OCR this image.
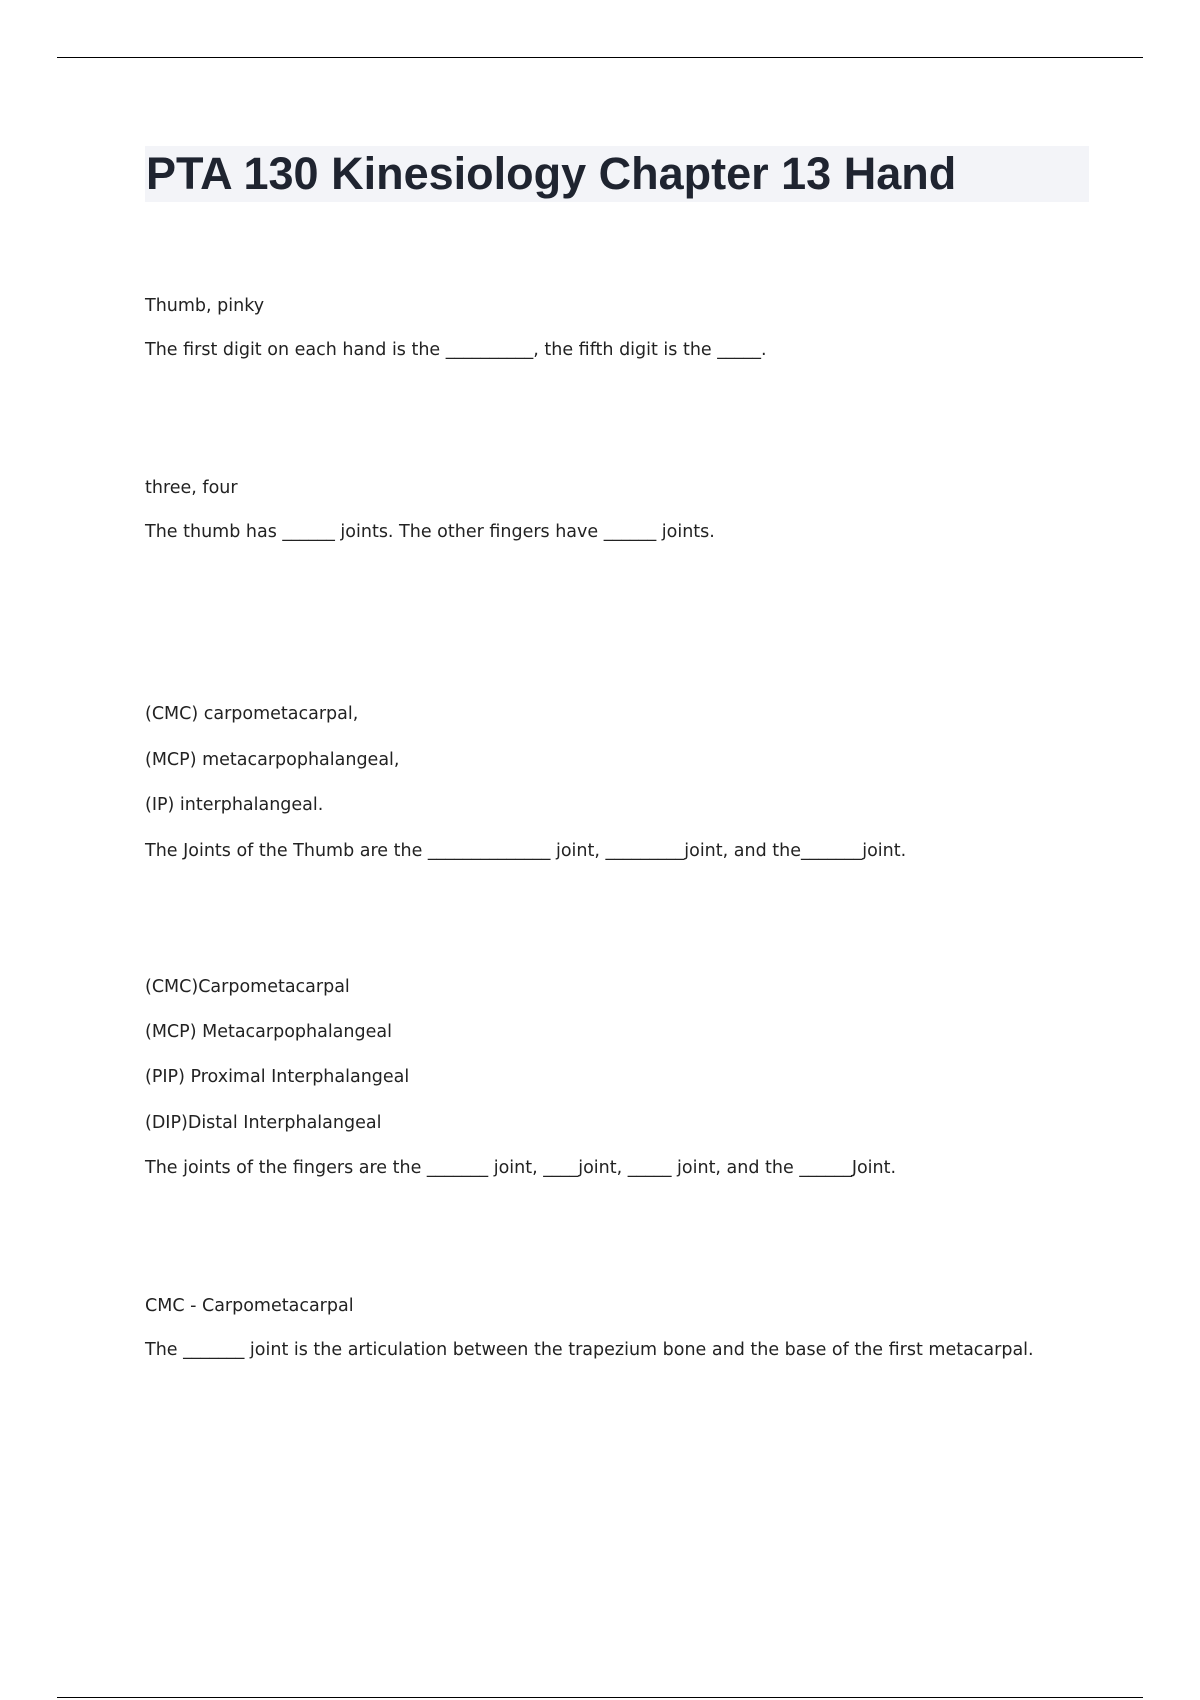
PTA 130 Kinesiology Chapter 13 Hand

Thumb, pinky

The first digit on each hand is the __________, the fifth digit is the _____.

three, four

The thumb has ______ joints. The other fingers have ______ joints.

(CMC) carpometacarpal,

(MCP) metacarpophalangeal,

(IP) interphalangeal.

The Joints of the Thumb are the ______________ joint, _________joint, and the_______joint.

(CMC)Carpometacarpal

(MCP) Metacarpophalangeal

(PIP) Proximal Interphalangeal

(DIP)Distal Interphalangeal

The joints of the fingers are the _______ joint, ____joint, _____ joint, and the ______Joint.

CMC - Carpometacarpal

The _______ joint is the articulation between the trapezium bone and the base of the first metacarpal.
